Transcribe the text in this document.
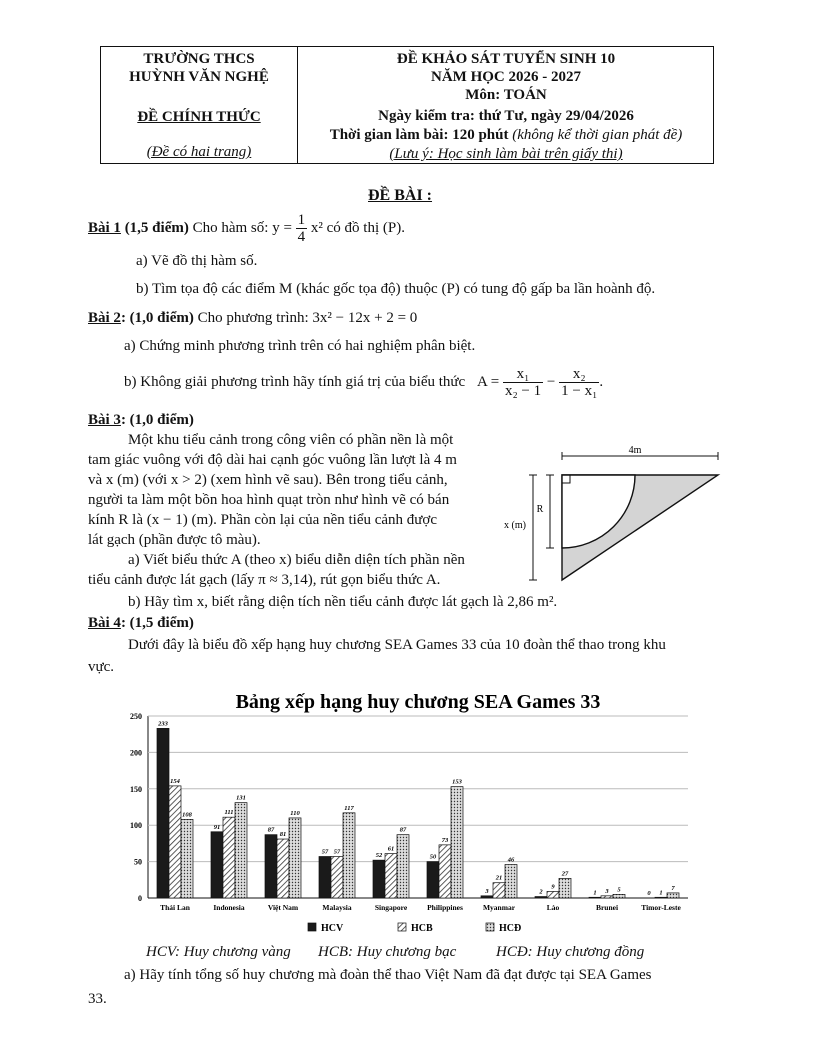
TRƯỜNG THCS
HUỲNH VĂN NGHỆ
ĐỀ CHÍNH THỨC
(Đề có hai trang)
ĐỀ KHẢO SÁT TUYỂN SINH 10
NĂM HỌC 2026 - 2027
Môn: TOÁN
Ngày kiểm tra: thứ Tư, ngày 29/04/2026
Thời gian làm bài: 120 phút (không kể thời gian phát đề)
(Lưu ý: Học sinh làm bài trên giấy thi)
ĐỀ BÀI :
Bài 1 (1,5 điểm) Cho hàm số: $y = \frac{1}{4} x^2$ có đồ thị (P).
a) Vẽ đồ thị hàm số.
b) Tìm tọa độ các điểm M (khác gốc tọa độ) thuộc (P) có tung độ gấp ba lần hoành độ.
Bài 2: (1,0 điểm) Cho phương trình: 3x² − 12x + 2 = 0
a) Chứng minh phương trình trên có hai nghiệm phân biệt.
b) Không giải phương trình hãy tính giá trị của biểu thức $A = \frac{\text{x₁}}{\text{x₂ − 1}} - \frac{\text{x₂}}{\text{1 − x₁}}$ .
Bài 3: (1,0 điểm)
Một khu tiểu cảnh trong công viên có phần nền là một
tam giác vuông với độ dài hai cạnh góc vuông lần lượt là 4 m
và x (m) (với x > 2) (xem hình vẽ sau). Bên trong tiểu cảnh,
người ta làm một bồn hoa hình quạt tròn như hình vẽ có bán
kính R là (x − 1) (m). Phần còn lại của nền tiểu cảnh được
lát gạch (phần được tô màu).
a) Viết biểu thức A (theo x) biểu diễn diện tích phần nền
tiểu cảnh được lát gạch (lấy π ≈ 3,14), rút gọn biểu thức A.
b) Hãy tìm x, biết rằng diện tích nền tiểu cảnh được lát gạch là 2,86 m².
4m
R
x (m)
Bài 4: (1,5 điểm)
Dưới đây là biểu đồ xếp hạng huy chương SEA Games 33 của 10 đoàn thể thao trong khu
vực.
Bảng xếp hạng huy chương SEA Games 33
0
50
100
150
200
250
233
154
108
Thái Lan
91
111
131
Indonesia
87
81
110
Việt Nam
57 57
117
Malaysia
52
61
87
Singapore
50
73
153
Philippines
3
21
46
Myanmar
2
9
27
Lào
1 3 5
Brunei
0 1
7
Timor-Leste
HCV	HCB	HCĐ
HCV: Huy chương vàng HCB: Huy chương bạc	HCĐ: Huy chương đồng
a) Hãy tính tổng số huy chương mà đoàn thể thao Việt Nam đã đạt được tại SEA Games
33.
